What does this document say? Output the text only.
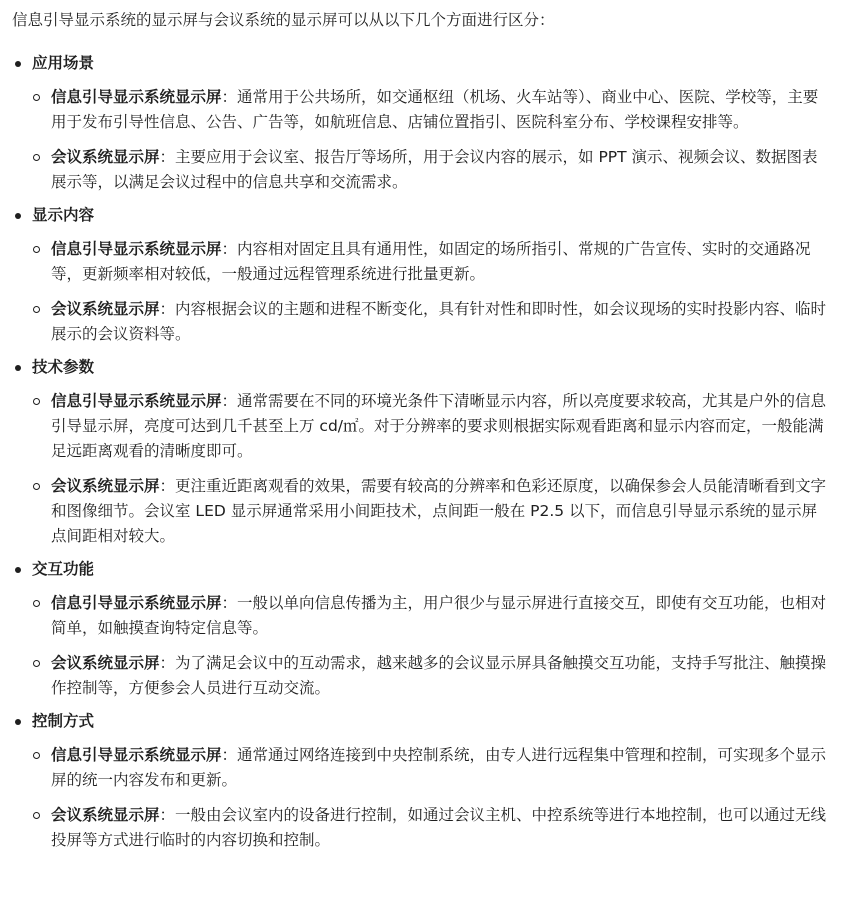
信息引导显示系统的显示屏与会议系统的显示屏可以从以下几个方面进行区分：

应用场景
信息引导显示系统显示屏：通常用于公共场所，如交通枢纽（机场、火车站等）、商业中心、医院、学校等，主要用于发布引导性信息、公告、广告等，如航班信息、店铺位置指引、医院科室分布、学校课程安排等。
会议系统显示屏：主要应用于会议室、报告厅等场所，用于会议内容的展示，如 PPT 演示、视频会议、数据图表展示等，以满足会议过程中的信息共享和交流需求。
显示内容
信息引导显示系统显示屏：内容相对固定且具有通用性，如固定的场所指引、常规的广告宣传、实时的交通路况等，更新频率相对较低，一般通过远程管理系统进行批量更新。
会议系统显示屏：内容根据会议的主题和进程不断变化，具有针对性和即时性，如会议现场的实时投影内容、临时展示的会议资料等。
技术参数
信息引导显示系统显示屏：通常需要在不同的环境光条件下清晰显示内容，所以亮度要求较高，尤其是户外的信息引导显示屏，亮度可达到几千甚至上万 cd/㎡。对于分辨率的要求则根据实际观看距离和显示内容而定，一般能满足远距离观看的清晰度即可。
会议系统显示屏：更注重近距离观看的效果，需要有较高的分辨率和色彩还原度，以确保参会人员能清晰看到文字和图像细节。会议室 LED 显示屏通常采用小间距技术，点间距一般在 P2.5 以下，而信息引导显示系统的显示屏点间距相对较大。
交互功能
信息引导显示系统显示屏：一般以单向信息传播为主，用户很少与显示屏进行直接交互，即使有交互功能，也相对简单，如触摸查询特定信息等。
会议系统显示屏：为了满足会议中的互动需求，越来越多的会议显示屏具备触摸交互功能，支持手写批注、触摸操作控制等，方便参会人员进行互动交流。
控制方式
信息引导显示系统显示屏：通常通过网络连接到中央控制系统，由专人进行远程集中管理和控制，可实现多个显示屏的统一内容发布和更新。
会议系统显示屏：一般由会议室内的设备进行控制，如通过会议主机、中控系统等进行本地控制，也可以通过无线投屏等方式进行临时的内容切换和控制。
